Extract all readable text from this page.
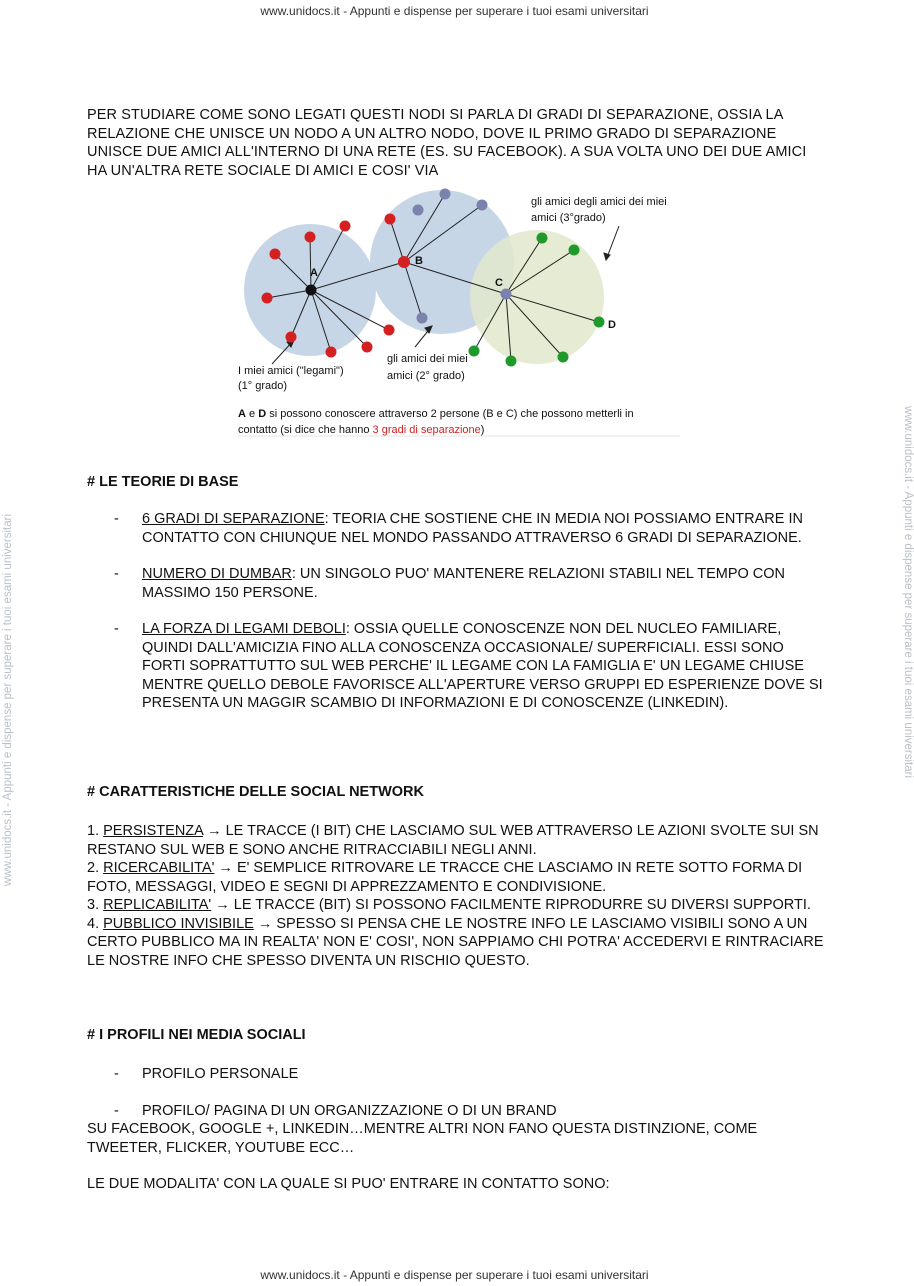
www.unidocs.it - Appunti e dispense per superare i tuoi esami universitari
www.unidocs.it - Appunti e dispense per superare i tuoi esami universitari	www.unidocs.it - Appunti e dispense per superare i tuoi esami universitari

PER STUDIARE COME SONO LEGATI QUESTI NODI SI PARLA DI GRADI DI SEPARAZIONE, OSSIA LA RELAZIONE CHE UNISCE UN NODO A UN ALTRO NODO, DOVE IL PRIMO GRADO DI SEPARAZIONE UNISCE DUE AMICI ALL'INTERNO DI UNA RETE (ES. SU FACEBOOK). A SUA VOLTA UNO DEI DUE AMICI HA UN'ALTRA RETE SOCIALE DI AMICI E COSI' VIA

A
B
C
D
I miei amici ("legami")
(1° grado)
gli amici dei miei
amici (2° grado)
gli amici degli amici dei miei
amici (3°grado)
A e D si possono conoscere attraverso 2 persone (B e C) che possono metterli in
contatto (si dice che hanno 3 gradi di separazione)
# LE TEORIE DI BASE
- 6 GRADI DI SEPARAZIONE: TEORIA CHE SOSTIENE CHE IN MEDIA NOI POSSIAMO ENTRARE IN CONTATTO CON CHIUNQUE NEL MONDO PASSANDO ATTRAVERSO 6 GRADI DI SEPARAZIONE.
- NUMERO DI DUMBAR: UN SINGOLO PUO' MANTENERE RELAZIONI STABILI NEL TEMPO CON MASSIMO 150 PERSONE.
- LA FORZA DI LEGAMI DEBOLI: OSSIA QUELLE CONOSCENZE NON DEL NUCLEO FAMILIARE, QUINDI DALL'AMICIZIA FINO ALLA CONOSCENZA OCCASIONALE/ SUPERFICIALI. ESSI SONO FORTI SOPRATTUTTO SUL WEB PERCHE' IL LEGAME CON LA FAMIGLIA E' UN LEGAME CHIUSE MENTRE QUELLO DEBOLE FAVORISCE ALL'APERTURE VERSO GRUPPI ED ESPERIENZE DOVE SI PRESENTA UN MAGGIR SCAMBIO DI INFORMAZIONI E DI CONOSCENZE (LINKEDIN).
# CARATTERISTICHE DELLE SOCIAL NETWORK

1. PERSISTENZA → LE TRACCE (I BIT) CHE LASCIAMO SUL WEB ATTRAVERSO LE AZIONI SVOLTE SUI SN RESTANO SUL WEB E SONO ANCHE RITRACCIABILI NEGLI ANNI.

2. RICERCABILITA' → E' SEMPLICE RITROVARE LE TRACCE CHE LASCIAMO IN RETE SOTTO FORMA DI FOTO, MESSAGGI, VIDEO E SEGNI DI APPREZZAMENTO E CONDIVISIONE.

3. REPLICABILITA' → LE TRACCE (BIT) SI POSSONO FACILMENTE RIPRODURRE SU DIVERSI SUPPORTI.

4. PUBBLICO INVISIBILE → SPESSO SI PENSA CHE LE NOSTRE INFO LE LASCIAMO VISIBILI SONO A UN CERTO PUBBLICO MA IN REALTA' NON E' COSI', NON SAPPIAMO CHI POTRA' ACCEDERVI E RINTRACIARE LE NOSTRE INFO CHE SPESSO DIVENTA UN RISCHIO QUESTO.

# I PROFILI NEI MEDIA SOCIALI
- PROFILO PERSONALE
- PROFILO/ PAGINA DI UN ORGANIZZAZIONE O DI UN BRAND

SU FACEBOOK, GOOGLE +, LINKEDIN…MENTRE ALTRI NON FANO QUESTA DISTINZIONE, COME TWEETER, FLICKER, YOUTUBE ECC…

LE DUE MODALITA' CON LA QUALE SI PUO' ENTRARE IN CONTATTO SONO:

www.unidocs.it - Appunti e dispense per superare i tuoi esami universitari
